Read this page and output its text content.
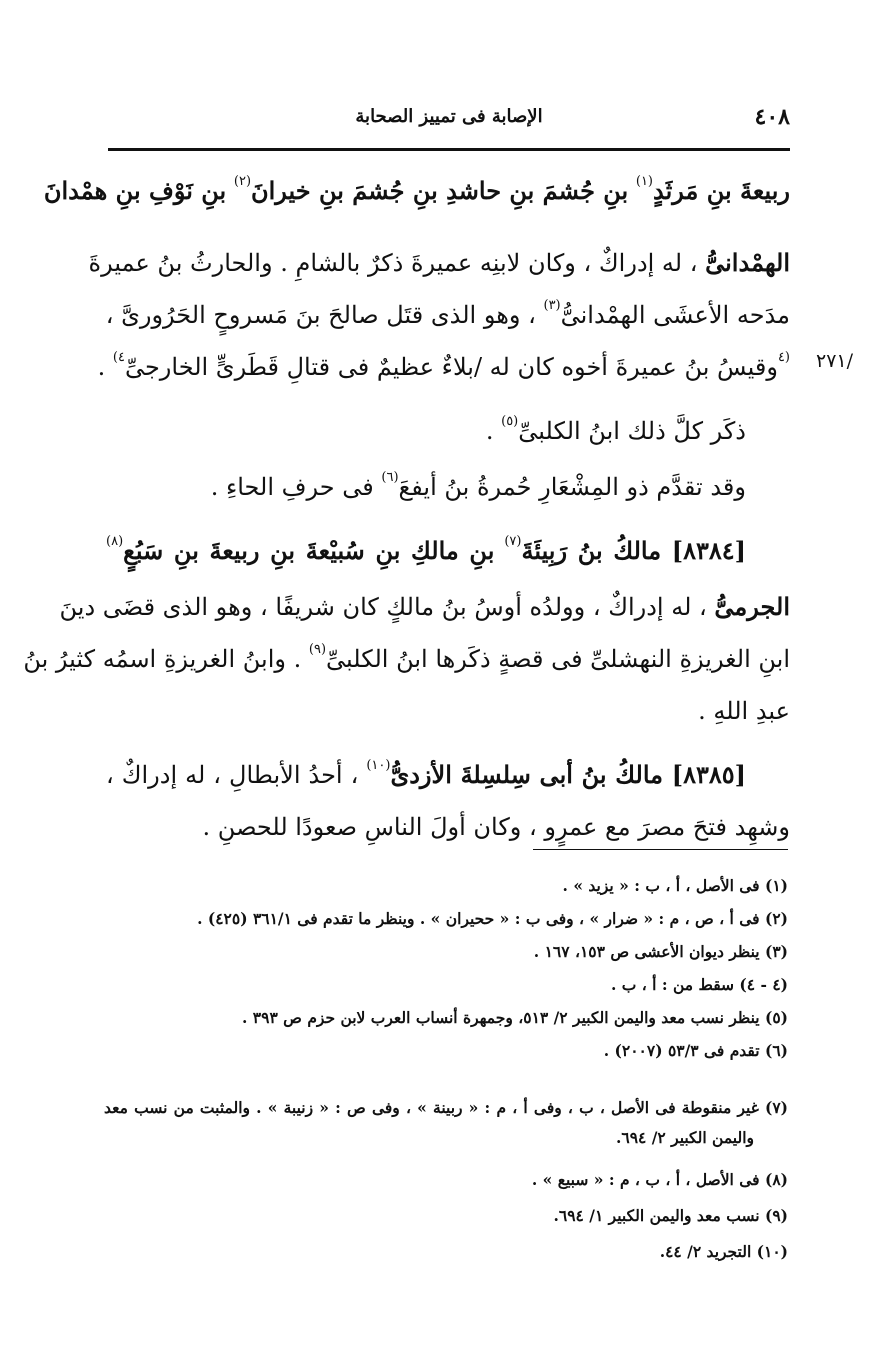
٤٠٨
الإصابة فى تمييز الصحابة
٢٧١/
ربيعةَ بنِ مَرثَدٍ$^{(١)}$ بنِ جُشمَ بنِ حاشدِ بنِ جُشمَ بنِ خيرانَ$^{(٢)}$ بنِ نَوْفِ بنِ همْدانَ
الهمْدانىُّ ، له إدراكٌ ، وكان لابنِه عميرةَ ذكرٌ بالشامِ . والحارثُ بنُ عميرةَ
مدَحه الأعشَى الهمْدانىُّ$^{(٣)}$ ، وهو الذى قتَل صالحَ بنَ مَسروحٍ الحَرُورىَّ ،
$^{(٤}$وقيسُ بنُ عميرةَ أخوه كان له /بلاءٌ عظيمٌ فى قتالِ قَطَرىٍّ الخارجىِّ$^{٤)}$ .
ذكَر كلَّ ذلك ابنُ الكلبىِّ$^{(٥)}$ .
وقد تقدَّم ذو المِشْعَارِ حُمرةُ بنُ أيفعَ$^{(٦)}$ فى حرفِ الحاءِ .
[٨٣٨٤] مالكُ بنُ رَبِيئَةَ$^{(٧)}$ بنِ مالكِ بنِ سُبيْعةَ بنِ ربيعةَ بنِ سَبُعٍ$^{(٨)}$
الجرمىُّ ، له إدراكٌ ، وولدُه أوسُ بنُ مالكٍ كان شريفًا ، وهو الذى قضَى دينَ
ابنِ الغريزةِ النهشلىِّ فى قصةٍ ذكَرها ابنُ الكلبىِّ$^{(٩)}$ . وابنُ الغريزةِ اسمُه كثيرُ بنُ
عبدِ اللهِ .
[٨٣٨٥] مالكُ بنُ أبى سِلسِلةَ الأزدىُّ$^{(١٠)}$ ، أحدُ الأبطالِ ، له إدراكٌ ،
وشهِد فتحَ مصرَ مع عمرٍو ، وكان أولَ الناسِ صعودًا للحصنِ .
(١) فى الأصل ، أ ، ب : « يزيد » .
(٢) فى أ ، ص ، م : « ضرار » ، وفى ب : « ححيران » . وينظر ما تقدم فى ٣٦١/١ (٤٢٥) .
(٣) ينظر ديوان الأعشى ص ١٥٣، ١٦٧ .
(٤ - ٤) سقط من : أ ، ب .
(٥) ينظر نسب معد واليمن الكبير ٢/ ٥١٣، وجمهرة أنساب العرب لابن حزم ص ٣٩٣ .
(٦) تقدم فى ٥٣/٣ (٢٠٠٧) .
(٧) غير منقوطة فى الأصل ، ب ، وفى أ ، م : « ربينة » ، وفى ص : « زنيبة » . والمثبت من نسب معد
واليمن الكبير ٢/ ٦٩٤.
(٨) فى الأصل ، أ ، ب ، م : « سبيع » .
(٩) نسب معد واليمن الكبير ١/ ٦٩٤.
(١٠) التجريد ٢/ ٤٤.
